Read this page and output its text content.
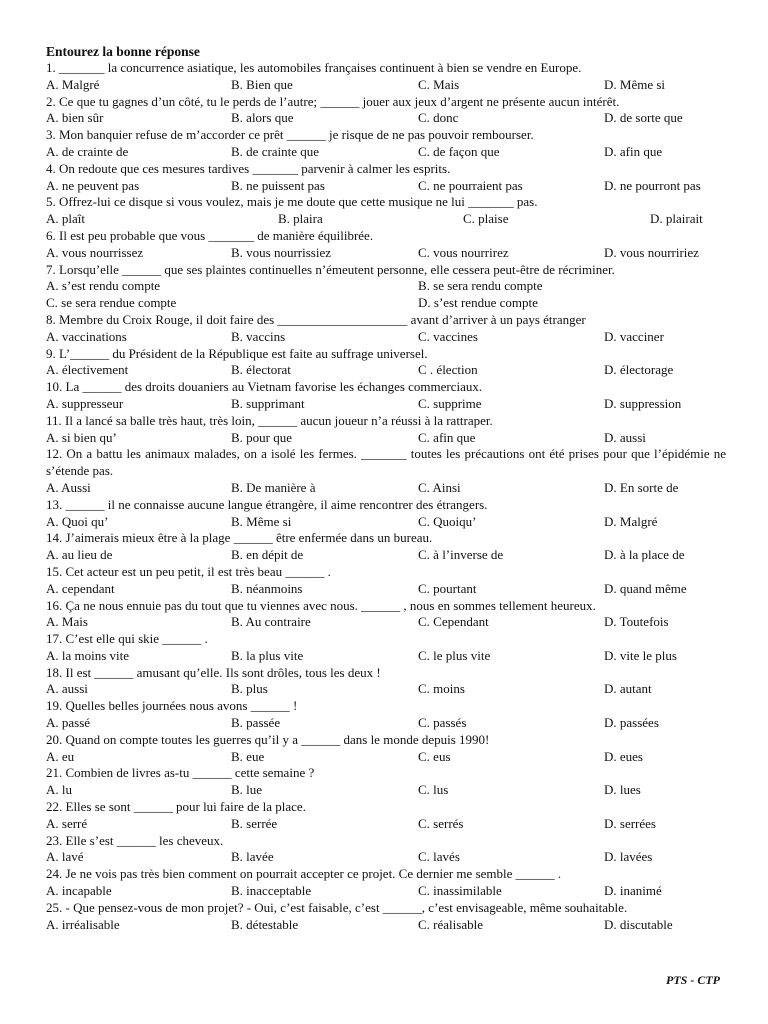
Entourez la bonne réponse
1. _______ la concurrence asiatique, les automobiles françaises continuent à bien se vendre en Europe.
A. Malgré	B. Bien que	C. Mais	D. Même si
2. Ce que tu gagnes d’un côté, tu le perds de l’autre; ______ jouer aux jeux d’argent ne présente aucun intérêt.
A. bien sûr	B. alors que	C. donc	D. de sorte que
3. Mon banquier refuse de m’accorder ce prêt ______ je risque de ne pas pouvoir rembourser.
A. de crainte de	B. de crainte que	C. de façon que	D. afin que
4. On redoute que ces mesures tardives _______ parvenir à calmer les esprits.
A. ne peuvent pas	B. ne puissent pas	C. ne pourraient pas	D. ne pourront pas
5. Offrez-lui ce disque si vous voulez, mais je me doute que cette musique ne lui _______ pas.
A. plaît	B. plaira	C. plaise	D. plairait
6. Il est peu probable que vous _______ de manière équilibrée.
A. vous nourrissez	B. vous nourrissiez	C. vous nourrirez	D. vous nourririez
7. Lorsqu’elle ______ que ses plaintes continuelles n’émeutent personne, elle cessera peut-être de récriminer.
A. s’est rendu compte	B. se sera rendu compte
C. se sera rendue compte	D. s’est rendue compte
8. Membre du Croix Rouge, il doit faire des ____________________ avant d’arriver à un pays étranger
A. vaccinations	B. vaccins	C. vaccines	D. vacciner
9. L’______ du Président de la République est faite au suffrage universel.
A. électivement	B. électorat	C . élection	D. électorage
10. La ______ des droits douaniers au Vietnam favorise les échanges commerciaux.
A. suppresseur	B. supprimant	C. supprime	D. suppression
11. Il a lancé sa balle très haut, très loin, ______ aucun joueur n’a réussi à la rattraper.
A. si bien qu’	B. pour que	C. afin que	D. aussi
12. On a battu les animaux malades, on a isolé les fermes. _______ toutes les précautions ont été prises pour que l’épidémie ne s’étende pas.
A. Aussi	B. De manière à	C. Ainsi	D. En sorte de
13. ______ il ne connaisse aucune langue étrangère, il aime rencontrer des étrangers.
A. Quoi qu’	B. Même si	C. Quoiqu’	D. Malgré
14. J’aimerais mieux être à la plage ______ être enfermée dans un bureau.
A. au lieu de	B. en dépit de	C. à l’inverse de	D. à la place de
15. Cet acteur est un peu petit, il est très beau ______ .
A. cependant	B. néanmoins	C. pourtant	D. quand même
16. Ça ne nous ennuie pas du tout que tu viennes avec nous. ______ , nous en sommes tellement heureux.
A. Mais	B. Au contraire	C. Cependant	D. Toutefois
17. C’est elle qui skie ______ .
A. la moins vite	B. la plus vite	C. le plus vite	D. vite le plus
18. Il est ______ amusant qu’elle. Ils sont drôles, tous les deux !
A. aussi	B. plus	C. moins	D. autant
19. Quelles belles journées nous avons ______ !
A. passé	B. passée	C. passés	D. passées
20. Quand on compte toutes les guerres qu’il y a ______ dans le monde depuis 1990!
A. eu	B. eue	C. eus	D. eues
21. Combien de livres as-tu ______ cette semaine ?
A. lu	B. lue	C. lus	D. lues
22. Elles se sont ______ pour lui faire de la place.
A. serré	B. serrée	C. serrés	D. serrées
23. Elle s’est ______ les cheveux.
A. lavé	B. lavée	C. lavés	D. lavées
24. Je ne vois pas très bien comment on pourrait accepter ce projet. Ce dernier me semble ______ .
A. incapable	B. inacceptable	C. inassimilable	D. inanimé
25. - Que pensez-vous de mon projet? - Oui, c’est faisable, c’est ______, c’est envisageable, même souhaitable.
A. irréalisable	B. détestable	C. réalisable	D. discutable
PTS - CTP
